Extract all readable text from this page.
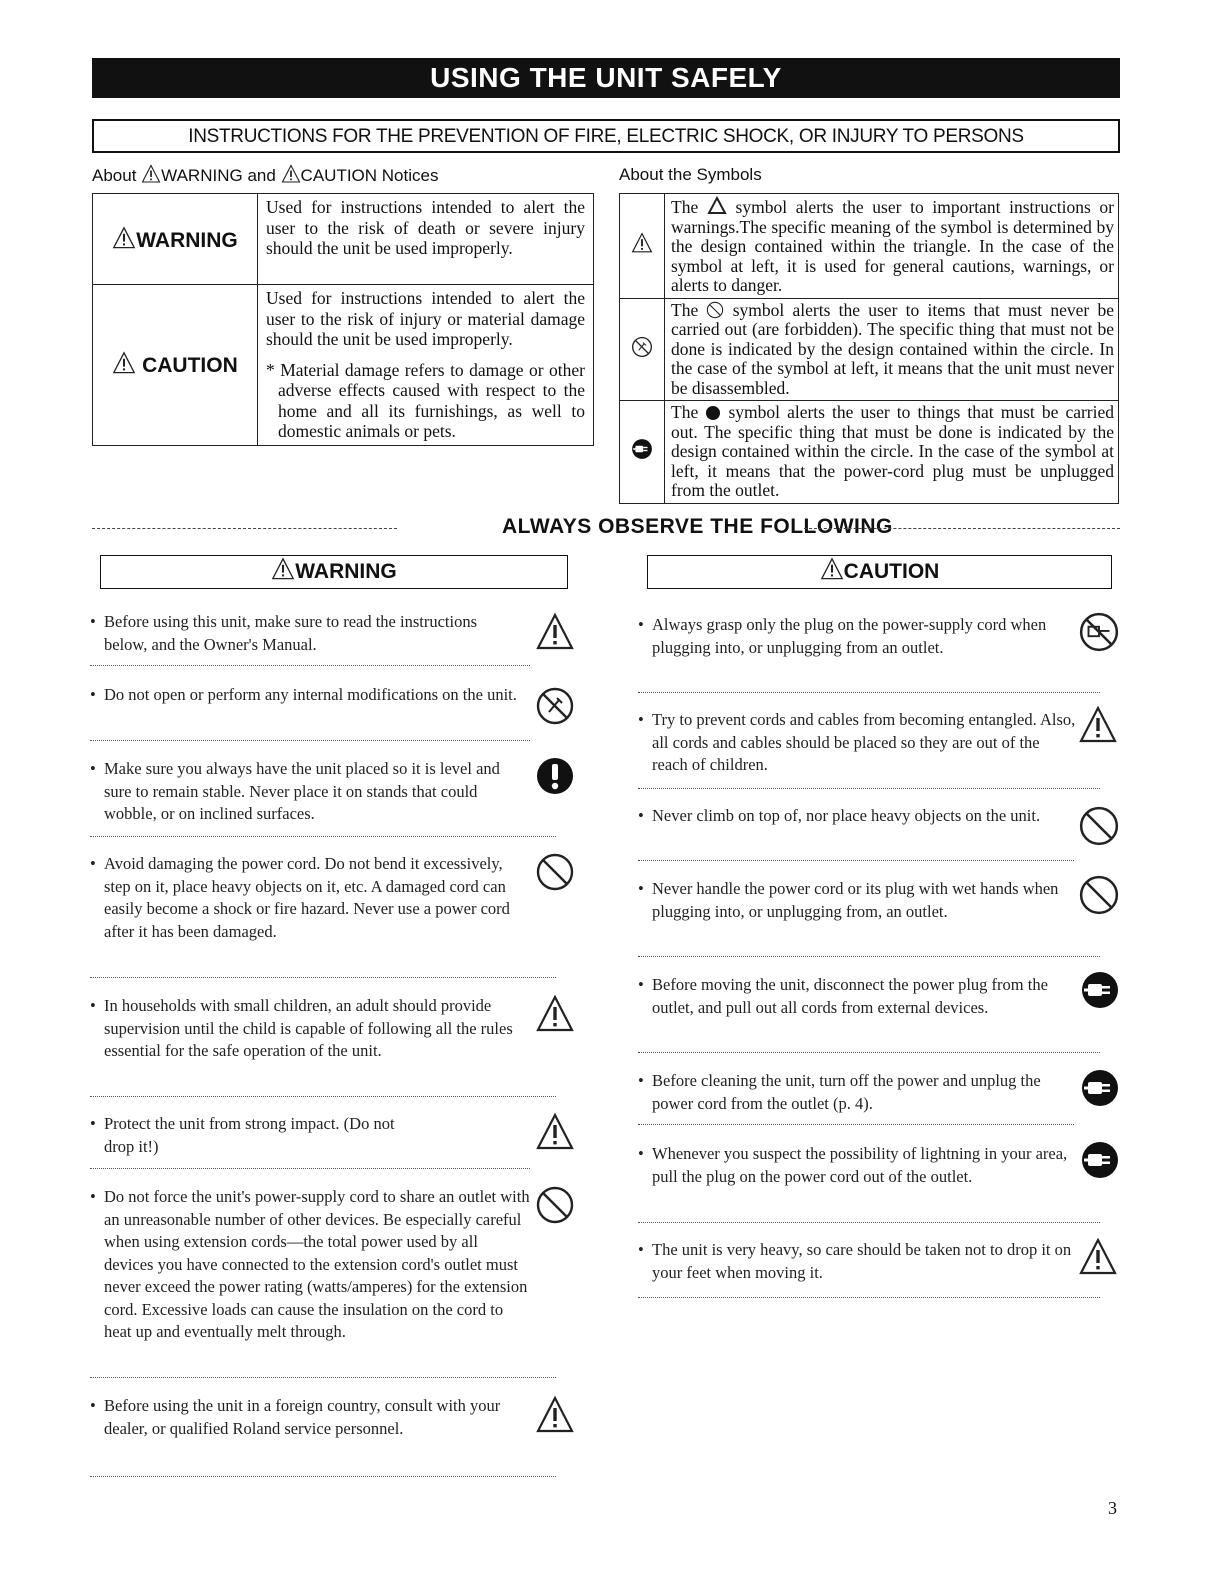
USING THE UNIT SAFELY
INSTRUCTIONS FOR THE PREVENTION OF FIRE, ELECTRIC SHOCK, OR INJURY TO PERSONS
About WARNING and CAUTION Notices
WARNING	Used for instructions intended to alert the user to the risk of death or severe injury should the unit be used improperly.
CAUTION	Used for instructions intended to alert the user to the risk of injury or material damage should the unit be used improperly.
* Material damage refers to damage or other adverse effects caused with respect to the home and all its furnishings, as well to domestic animals or pets.
About the Symbols
	The symbol alerts the user to important instructions or warnings.The specific meaning of the symbol is determined by the design contained within the triangle. In the case of the symbol at left, it is used for general cautions, warnings, or alerts to danger.
	The symbol alerts the user to items that must never be carried out (are forbidden). The specific thing that must not be done is indicated by the design contained within the circle. In the case of the symbol at left, it means that the unit must never be disassembled.
	The symbol alerts the user to things that must be carried out. The specific thing that must be done is indicated by the design contained within the circle. In the case of the symbol at left, it means that the power-cord plug must be unplugged from the outlet.
ALWAYS OBSERVE THE FOLLOWING
WARNING	CAUTION
• Before using this unit, make sure to read the instructions below, and the Owner's Manual.
• Do not open or perform any internal modifications on the unit.
• Make sure you always have the unit placed so it is level and sure to remain stable. Never place it on stands that could wobble, or on inclined surfaces.
• Avoid damaging the power cord. Do not bend it excessively, step on it, place heavy objects on it, etc. A damaged cord can easily become a shock or fire hazard. Never use a power cord after it has been damaged.
• In households with small children, an adult should provide supervision until the child is capable of following all the rules essential for the safe operation of the unit.
• Protect the unit from strong impact. (Do not drop it!)
• Do not force the unit's power-supply cord to share an outlet with an unreasonable number of other devices. Be especially careful when using extension cords—the total power used by all devices you have connected to the extension cord's outlet must never exceed the power rating (watts/amperes) for the extension cord. Excessive loads can cause the insulation on the cord to heat up and eventually melt through.
• Before using the unit in a foreign country, consult with your dealer, or qualified Roland service personnel.
• Always grasp only the plug on the power-supply cord when plugging into, or unplugging from an outlet.
• Try to prevent cords and cables from becoming entangled. Also, all cords and cables should be placed so they are out of the reach of children.
• Never climb on top of, nor place heavy objects on the unit.
• Never handle the power cord or its plug with wet hands when plugging into, or unplugging from, an outlet.
• Before moving the unit, disconnect the power plug from the outlet, and pull out all cords from external devices.
• Before cleaning the unit, turn off the power and unplug the power cord from the outlet (p. 4).
• Whenever you suspect the possibility of lightning in your area, pull the plug on the power cord out of the outlet.
• The unit is very heavy, so care should be taken not to drop it on your feet when moving it.
3
